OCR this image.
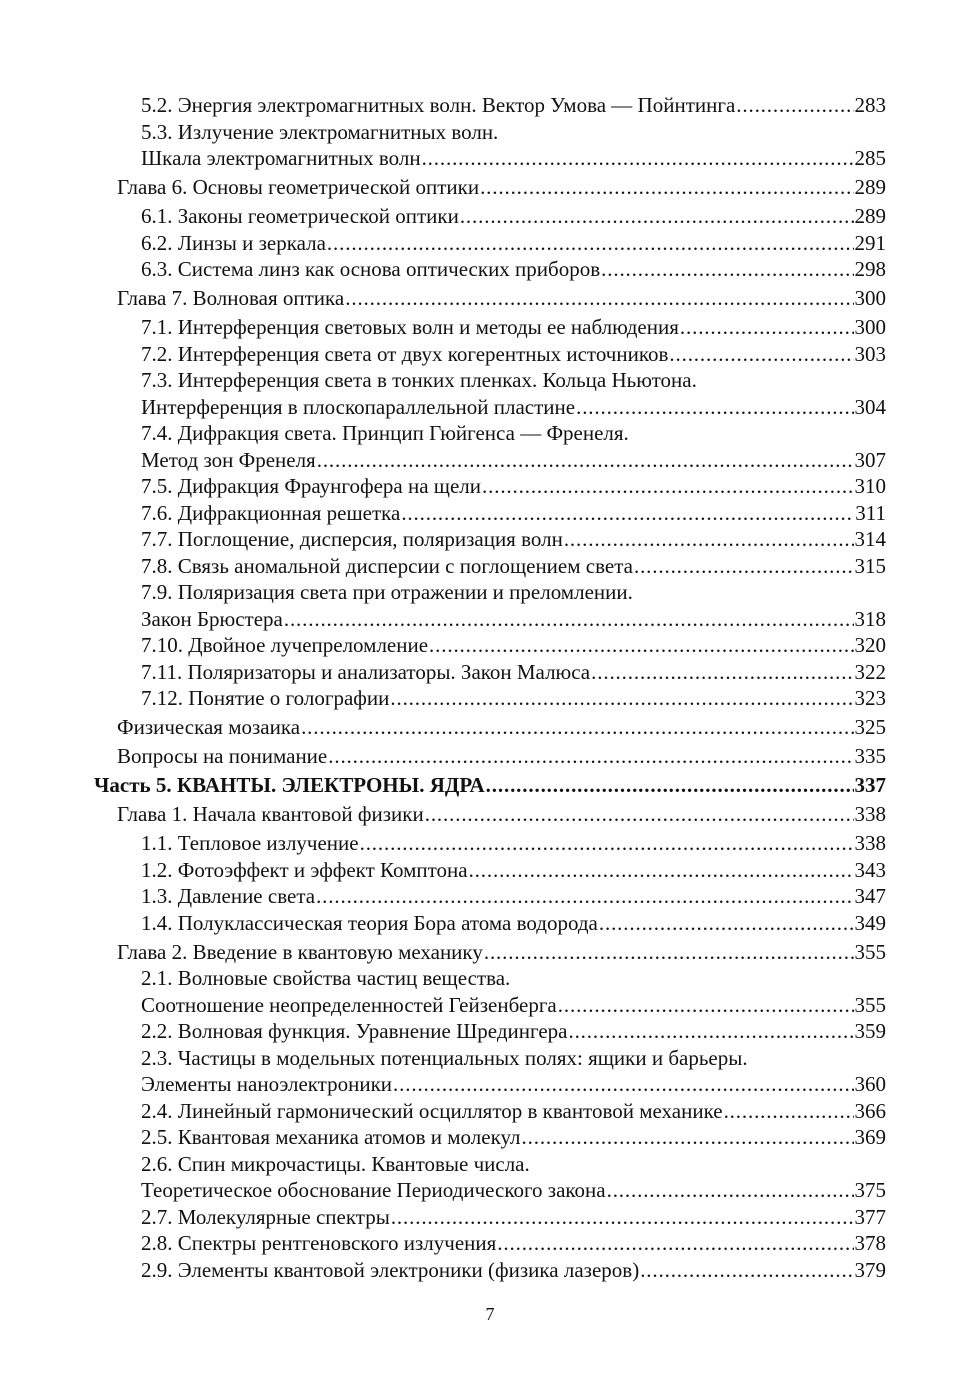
5.2. Энергия электромагнитных волн. Вектор Умова — Пойнтинга . . .	283
5.3. Излучение электромагнитных волн.
Шкала электромагнитных волн . . .	285
Глава 6. Основы геометрической оптики . . .	289
6.1. Законы геометрической оптики . . .	289
6.2. Линзы и зеркала . . .	291
6.3. Система линз как основа оптических приборов . . .	298
Глава 7. Волновая оптика . . .	300
7.1. Интерференция световых волн и методы ее наблюдения . . .	300
7.2. Интерференция света от двух когерентных источников . . .	303
7.3. Интерференция света в тонких пленках. Кольца Ньютона.
Интерференция в плоскопараллельной пластине . . .	304
7.4. Дифракция света. Принцип Гюйгенса — Френеля.
Метод зон Френеля . . .	307
7.5. Дифракция Фраунгофера на щели . . .	310
7.6. Дифракционная решетка . . .	311
7.7. Поглощение, дисперсия, поляризация волн . . .	314
7.8. Связь аномальной дисперсии с поглощением света . . .	315
7.9. Поляризация света при отражении и преломлении.
Закон Брюстера . . .	318
7.10. Двойное лучепреломление . . .	320
7.11. Поляризаторы и анализаторы. Закон Малюса . . .	322
7.12. Понятие о голографии . . .	323
Физическая мозаика . . .	325
Вопросы на понимание . . .	335
Часть 5. КВАНТЫ. ЭЛЕКТРОНЫ. ЯДРА . . .	337
Глава 1. Начала квантовой физики . . .	338
1.1. Тепловое излучение . . .	338
1.2. Фотоэффект и эффект Комптона . . .	343
1.3. Давление света . . .	347
1.4. Полуклассическая теория Бора атома водорода . . .	349
Глава 2. Введение в квантовую механику . . .	355
2.1. Волновые свойства частиц вещества.
Соотношение неопределенностей Гейзенберга . . .	355
2.2. Волновая функция. Уравнение Шредингера . . .	359
2.3. Частицы в модельных потенциальных полях: ящики и барьеры.
Элементы наноэлектроники . . .	360
2.4. Линейный гармонический осциллятор в квантовой механике . . .	366
2.5. Квантовая механика атомов и молекул . . .	369
2.6. Спин микрочастицы. Квантовые числа.
Теоретическое обоснование Периодического закона . . .	375
2.7. Молекулярные спектры . . .	377
2.8. Спектры рентгеновского излучения . . .	378
2.9. Элементы квантовой электроники (физика лазеров) . . .	379
7
